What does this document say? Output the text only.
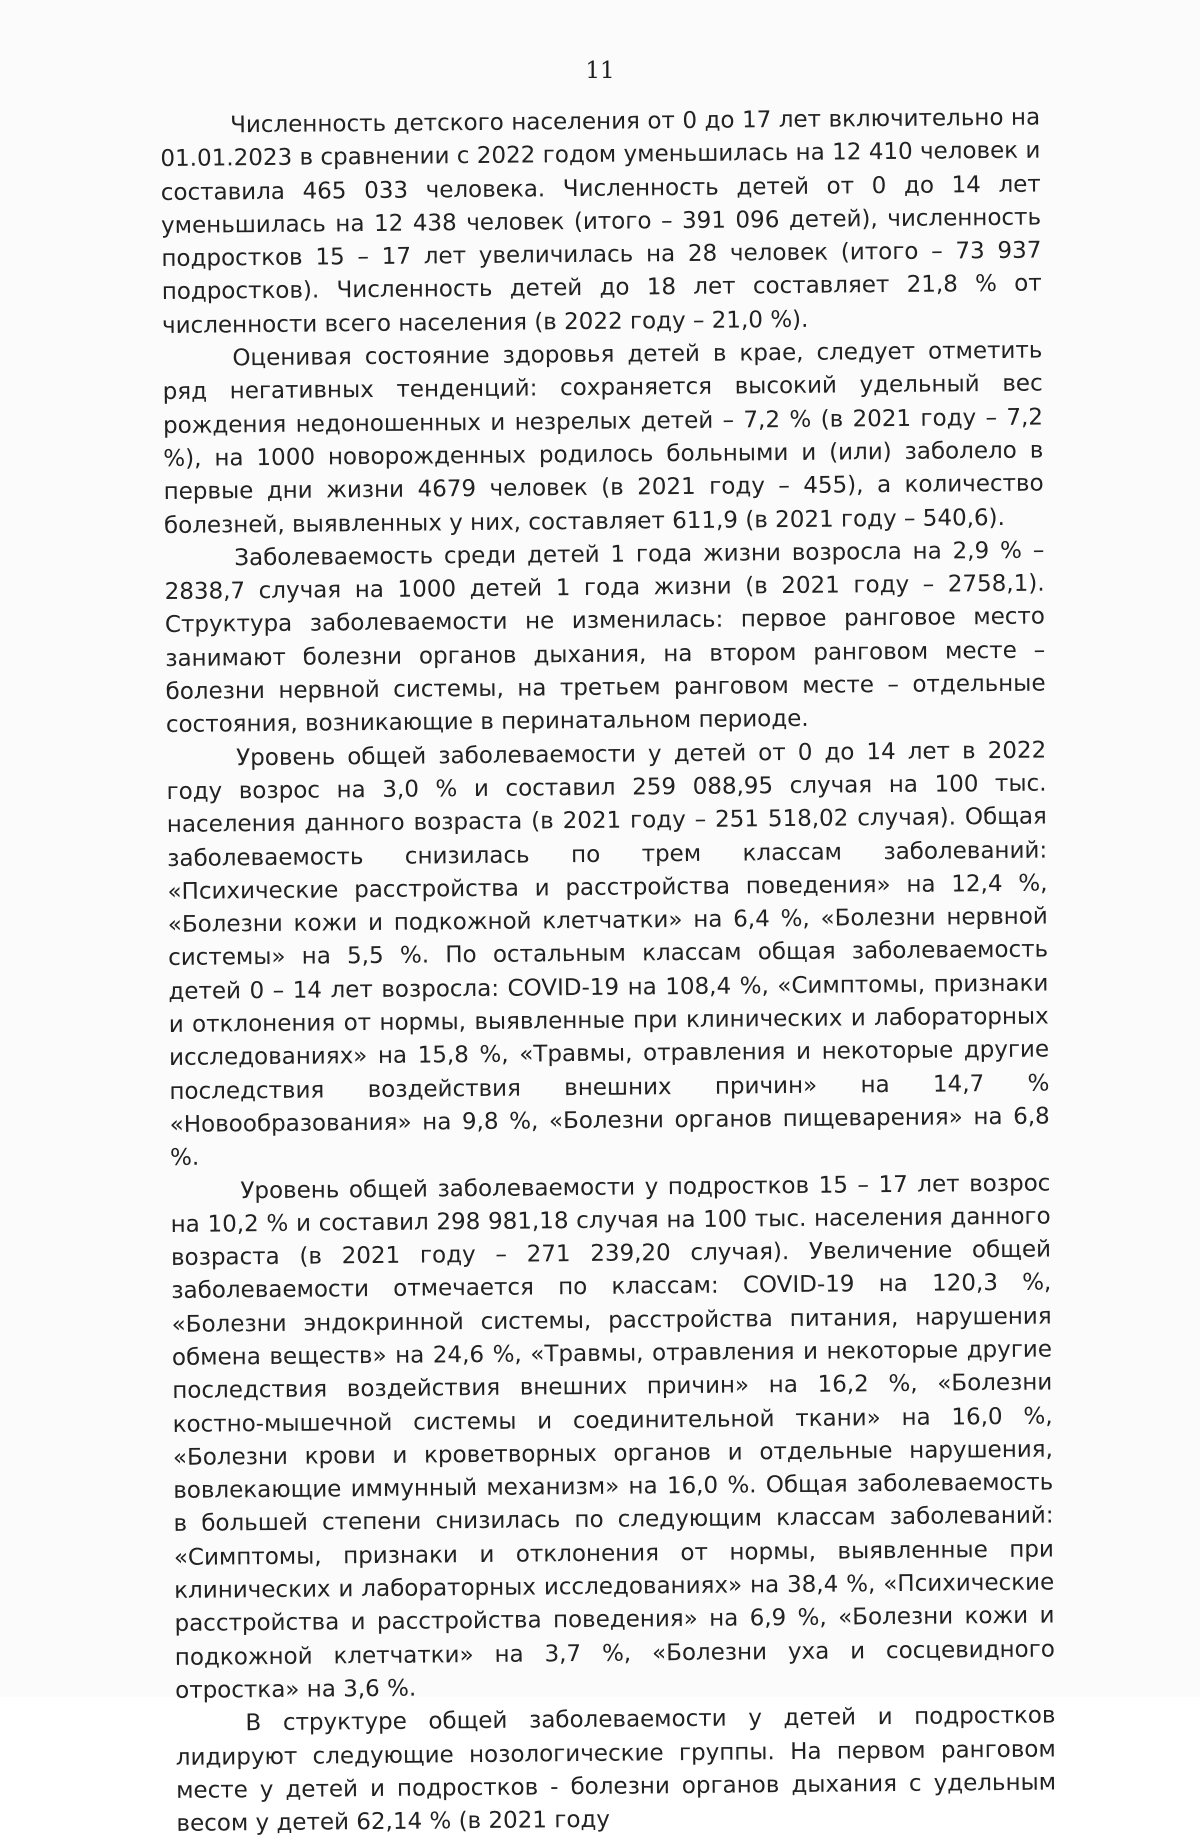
11

Численность детского населения от 0 до 17 лет включительно на 01.01.2023 в сравнении с 2022 годом уменьшилась на 12 410 человек и составила 465 033 человека. Численность детей от 0 до 14 лет уменьшилась на 12 438 человек (итого – 391 096 детей), численность подростков 15 – 17 лет увеличилась на 28 человек (итого – 73 937 подростков). Численность детей до 18 лет составляет 21,8 % от численности всего населения (в 2022 году – 21,0 %).

Оценивая состояние здоровья детей в крае, следует отметить ряд негативных тенденций: сохраняется высокий удельный вес рождения недоношенных и незрелых детей – 7,2 % (в 2021 году – 7,2 %), на 1000 новорожденных родилось больными и (или) заболело в первые дни жизни 4679 человек (в 2021 году – 455), а количество болезней, выявленных у них, составляет 611,9 (в 2021 году – 540,6).

Заболеваемость среди детей 1 года жизни возросла на 2,9 % – 2838,7 случая на 1000 детей 1 года жизни (в 2021 году – 2758,1). Структура заболеваемости не изменилась: первое ранговое место занимают болезни органов дыхания, на втором ранговом месте – болезни нервной системы, на третьем ранговом месте – отдельные состояния, возникающие в перинатальном периоде.

Уровень общей заболеваемости у детей от 0 до 14 лет в 2022 году возрос на 3,0 % и составил 259 088,95 случая на 100 тыс. населения данного возраста (в 2021 году – 251 518,02 случая). Общая заболеваемость снизилась по трем классам заболеваний: «Психические расстройства и расстройства поведения» на 12,4 %, «Болезни кожи и подкожной клетчатки» на 6,4 %, «Болезни нервной системы» на 5,5 %. По остальным классам общая заболеваемость детей 0 – 14 лет возросла: COVID-19 на 108,4 %, «Симптомы, признаки и отклонения от нормы, выявленные при клинических и лабораторных исследованиях» на 15,8 %, «Травмы, отравления и некоторые другие последствия воздействия внешних причин» на 14,7 % «Новообразования» на 9,8 %, «Болезни органов пищеварения» на 6,8 %.

Уровень общей заболеваемости у подростков 15 – 17 лет возрос на 10,2 % и составил 298 981,18 случая на 100 тыс. населения данного возраста (в 2021 году – 271 239,20 случая). Увеличение общей заболеваемости отмечается по классам: COVID-19 на 120,3 %, «Болезни эндокринной системы, расстройства питания, нарушения обмена веществ» на 24,6 %, «Травмы, отравления и некоторые другие последствия воздействия внешних причин» на 16,2 %, «Болезни костно-мышечной системы и соединительной ткани» на 16,0 %, «Болезни крови и кроветворных органов и отдельные нарушения, вовлекающие иммунный механизм» на 16,0 %. Общая заболеваемость в большей степени снизилась по следующим классам заболеваний: «Симптомы, признаки и отклонения от нормы, выявленные при клинических и лабораторных исследованиях» на 38,4 %, «Психические расстройства и расстройства поведения» на 6,9 %, «Болезни кожи и подкожной клетчатки» на 3,7 %, «Болезни уха и сосцевидного отростка» на 3,6 %.

В структуре общей заболеваемости у детей и подростков лидируют следующие нозологические группы. На первом ранговом месте у детей и подростков - болезни органов дыхания с удельным весом у детей 62,14 % (в 2021 году
